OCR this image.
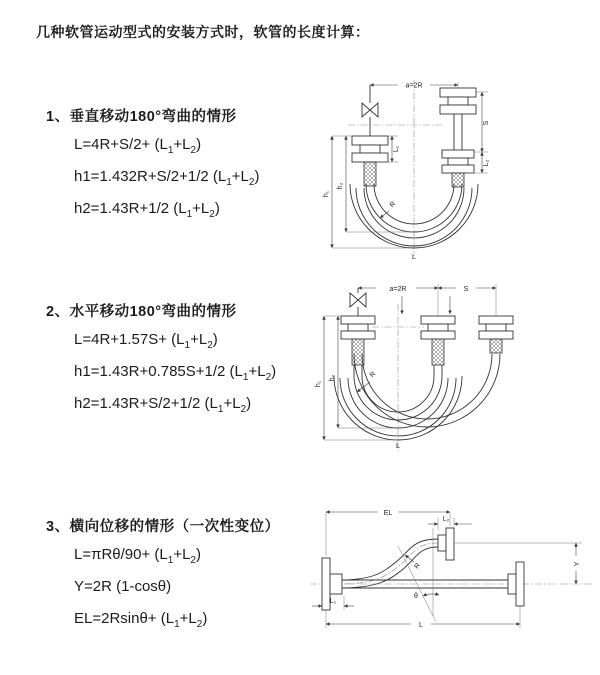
几种软管运动型式的安装方式时，软管的长度计算：
1、垂直移动180°弯曲的情形
$L=4R+S/2+ (L_1+L_2)$
h1=1.432R+S/2+1/2 $(L_1+L_2)$
h2=1.43R+1/2 $(L_1+L_2)$
a=2R
h₁
h₂
L₁
S
L₂
R
L
2、水平移动180°弯曲的情形
$L=4R+1.57S+ (L_1+L_2)$
h1=1.43R+0.785S+1/2 $(L_1+L_2)$
h2=1.43R+S/2+1/2 $(L_1+L_2)$
a=2R	S
h₁
h₂	R
L
3、横向位移的情形（一次性变位）
$L=\pi R\theta/90+ (L_1+L_2)$
Y=2R (1-cosθ)
$EL=2Rsin\theta+ (L_1+L_2)$
EL
L₂
Y
R
θ
L
L₁
